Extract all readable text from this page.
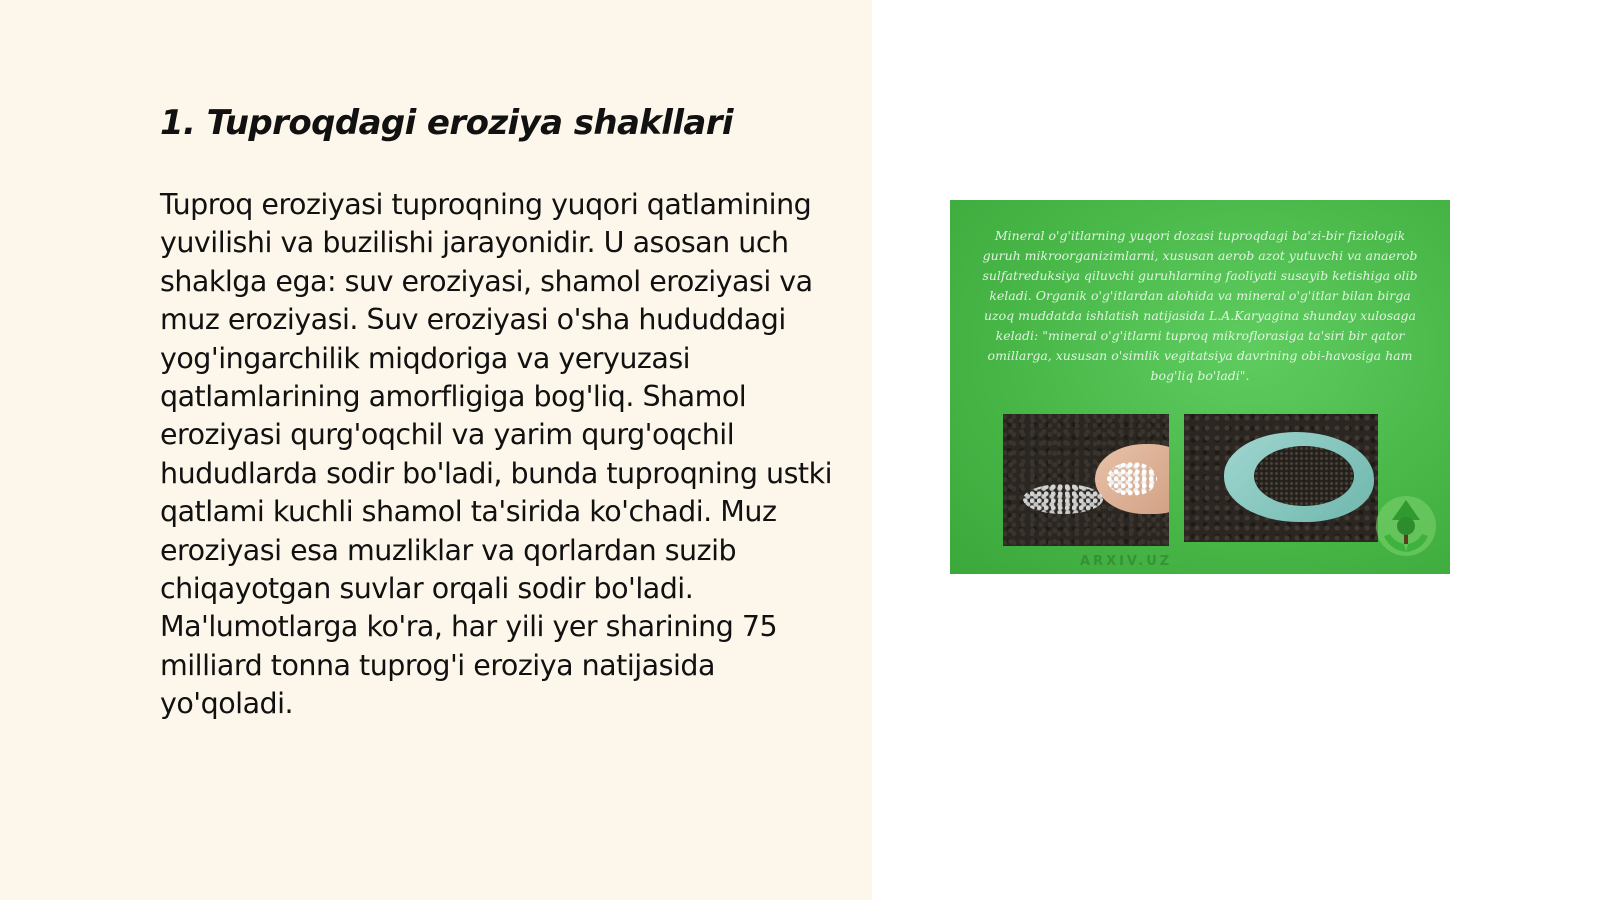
1. Tuproqdagi eroziya shakllari

Tuproq eroziyasi tuproqning yuqori qatlamining yuvilishi va buzilishi jarayonidir. U asosan uch shaklga ega: suv eroziyasi, shamol eroziyasi va muz eroziyasi. Suv eroziyasi o'sha hududdagi yog'ingarchilik miqdoriga va yeryuzasi qatlamlarining amorfligiga bog'liq. Shamol eroziyasi qurg'oqchil va yarim qurg'oqchil hududlarda sodir bo'ladi, bunda tuproqning ustki qatlami kuchli shamol ta'sirida ko'chadi. Muz eroziyasi esa muzliklar va qorlardan suzib chiqayotgan suvlar orqali sodir bo'ladi. Ma'lumotlarga ko'ra, har yili yer sharining 75 milliard tonna tuprog'i eroziya natijasida yo'qoladi.

Mineral o'g'itlarning yuqori dozasi tuproqdagi ba'zi-bir fiziologik guruh mikroorganizimlarni, xususan aerob azot yutuvchi va anaerob sulfatreduksiya qiluvchi guruhlarning faoliyati susayib ketishiga olib keladi. Organik o'g'itlardan alohida va mineral o'g'itlar bilan birga uzoq muddatda ishlatish natijasida L.A.Karyagina shunday xulosaga keladi: "mineral o'g'itlarni tuproq mikroflorasiga ta'siri bir qator omillarga, xususan o'simlik vegitatsiya davrining obi-havosiga ham bog'liq bo'ladi".
ARXIV.UZ
